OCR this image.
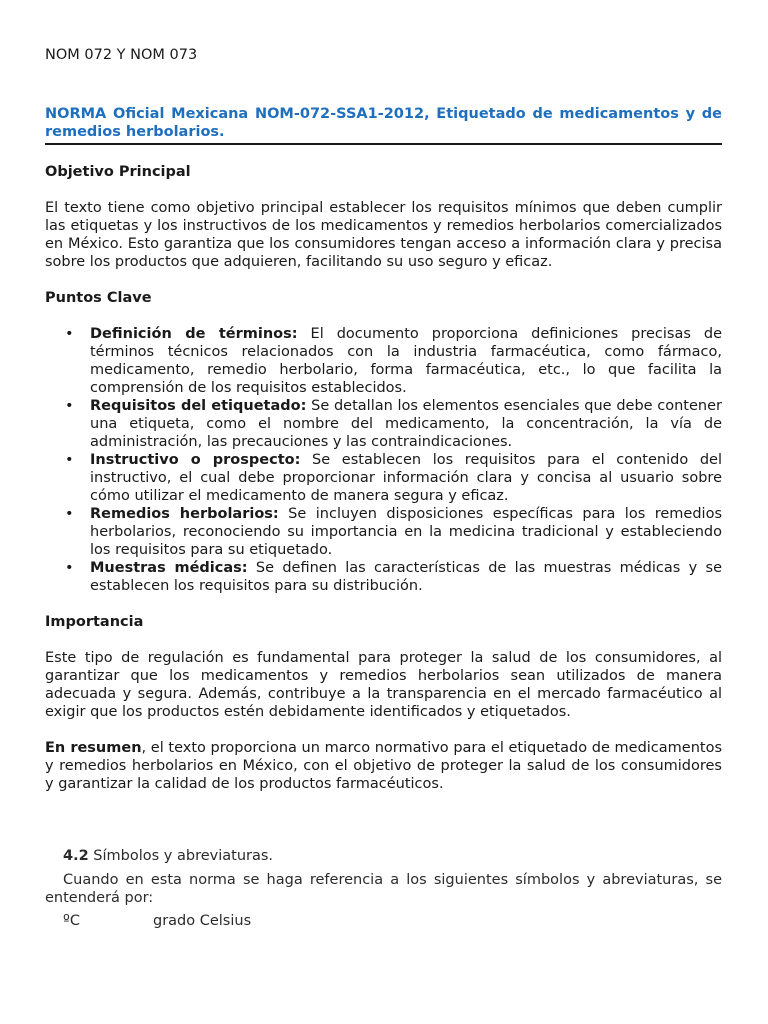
NOM 072 Y NOM 073

NORMA Oficial Mexicana NOM-072-SSA1-2012, Etiquetado de medicamentos y de remedios herbolarios.

Objetivo Principal

El texto tiene como objetivo principal establecer los requisitos mínimos que deben cumplir las etiquetas y los instructivos de los medicamentos y remedios herbolarios comercializados en México. Esto garantiza que los consumidores tengan acceso a información clara y precisa sobre los productos que adquieren, facilitando su uso seguro y eficaz.

Puntos Clave
• Definición de términos: El documento proporciona definiciones precisas de términos técnicos relacionados con la industria farmacéutica, como fármaco, medicamento, remedio herbolario, forma farmacéutica, etc., lo que facilita la comprensión de los requisitos establecidos.
• Requisitos del etiquetado: Se detallan los elementos esenciales que debe contener una etiqueta, como el nombre del medicamento, la concentración, la vía de administración, las precauciones y las contraindicaciones.
• Instructivo o prospecto: Se establecen los requisitos para el contenido del instructivo, el cual debe proporcionar información clara y concisa al usuario sobre cómo utilizar el medicamento de manera segura y eficaz.
• Remedios herbolarios: Se incluyen disposiciones específicas para los remedios herbolarios, reconociendo su importancia en la medicina tradicional y estableciendo los requisitos para su etiquetado.
• Muestras médicas: Se definen las características de las muestras médicas y se establecen los requisitos para su distribución.
Importancia

Este tipo de regulación es fundamental para proteger la salud de los consumidores, al garantizar que los medicamentos y remedios herbolarios sean utilizados de manera adecuada y segura. Además, contribuye a la transparencia en el mercado farmacéutico al exigir que los productos estén debidamente identificados y etiquetados.

En resumen, el texto proporciona un marco normativo para el etiquetado de medicamentos y remedios herbolarios en México, con el objetivo de proteger la salud de los consumidores y garantizar la calidad de los productos farmacéuticos.

4.2 Símbolos y abreviaturas.

Cuando en esta norma se haga referencia a los siguientes símbolos y abreviaturas, se entenderá por:

ºC	grado Celsius
